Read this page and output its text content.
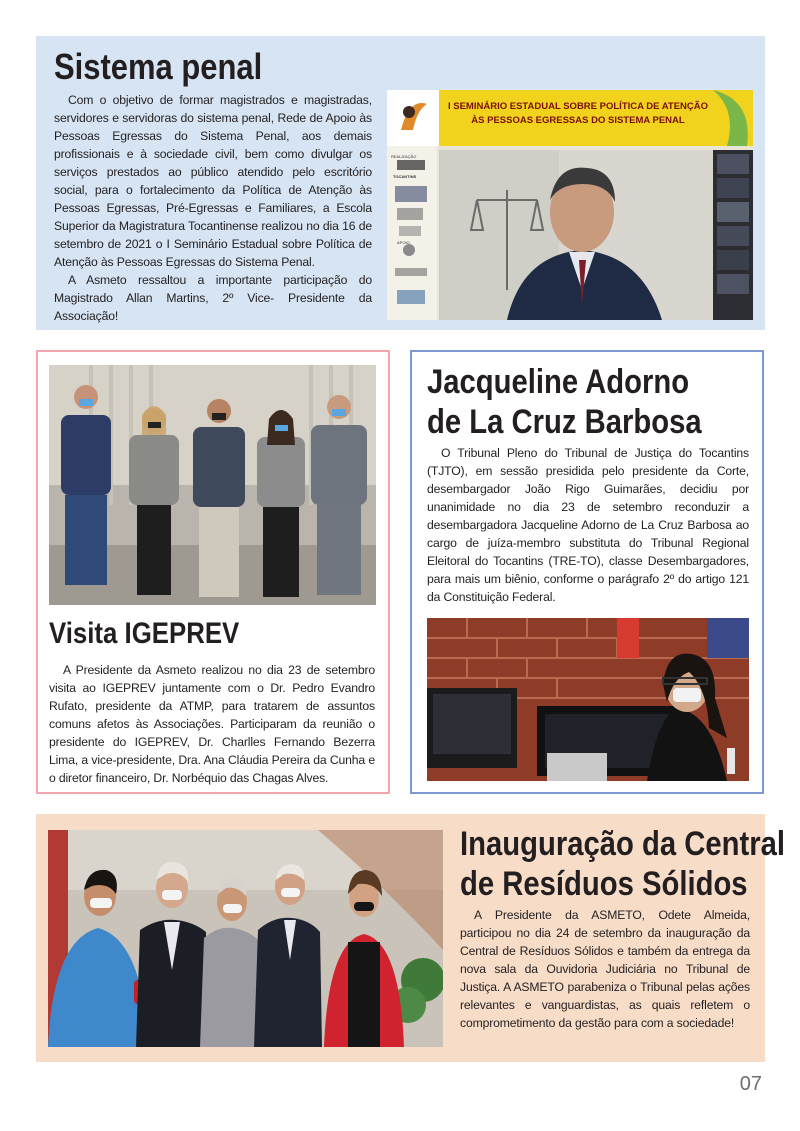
Sistema penal

Com o objetivo de formar magistrados e magistradas, servidores e servidoras do sistema penal, Rede de Apoio às Pessoas Egressas do Sistema Penal, aos demais profissionais e à sociedade civil, bem como divulgar os serviços prestados ao público atendido pelo escritório social, para o fortalecimento da Política de Atenção às Pessoas Egressas, Pré-Egressas e Familiares, a Escola Superior da Magistratura Tocantinense realizou no dia 16 de setembro de 2021 o I Seminário Estadual sobre Política de Atenção às Pessoas Egressas do Sistema Penal.

A Asmeto ressaltou a importante participação do Magistrado Allan Martins, 2º Vice- Presidente da Associação!

I SEMINÁRIO ESTADUAL SOBRE POLÍTICA DE ATENÇÃO
ÀS PESSOAS EGRESSAS DO SISTEMA PENAL
REALIZAÇÃO
TOCANTINS
APOIO
Visita IGEPREV

A Presidente da Asmeto realizou no dia 23 de setembro visita ao IGEPREV juntamente com o Dr. Pedro Evandro Rufato, presidente da ATMP, para tratarem de assuntos comuns afetos às Associações. Participaram da reunião o presidente do IGEPREV, Dr. Charlles Fernando Bezerra Lima, a vice-presidente, Dra. Ana Cláudia Pereira da Cunha e o diretor financeiro, Dr. Norbéquio das Chagas Alves.

Jacqueline Adorno
de La Cruz Barbosa

O Tribunal Pleno do Tribunal de Justiça do Tocantins (TJTO), em sessão presidida pelo presidente da Corte, desembargador João Rigo Guimarães, decidiu por unanimidade no dia 23 de setembro reconduzir a desembargadora Jacqueline Adorno de La Cruz Barbosa ao cargo de juíza-membro substituta do Tribunal Regional Eleitoral do Tocantins (TRE-TO), classe Desembargadores, para mais um biênio, conforme o parágrafo 2º do artigo 121 da Constituição Federal.

Inauguração da Central
de Resíduos Sólidos

A Presidente da ASMETO, Odete Almeida, participou no dia 24 de setembro da inauguração da Central de Resíduos Sólidos e também da entrega da nova sala da Ouvidoria Judiciária no Tribunal de Justiça. A ASMETO parabeniza o Tribunal pelas ações relevantes e vanguardistas, as quais refletem o comprometimento da gestão para com a sociedade!

07
